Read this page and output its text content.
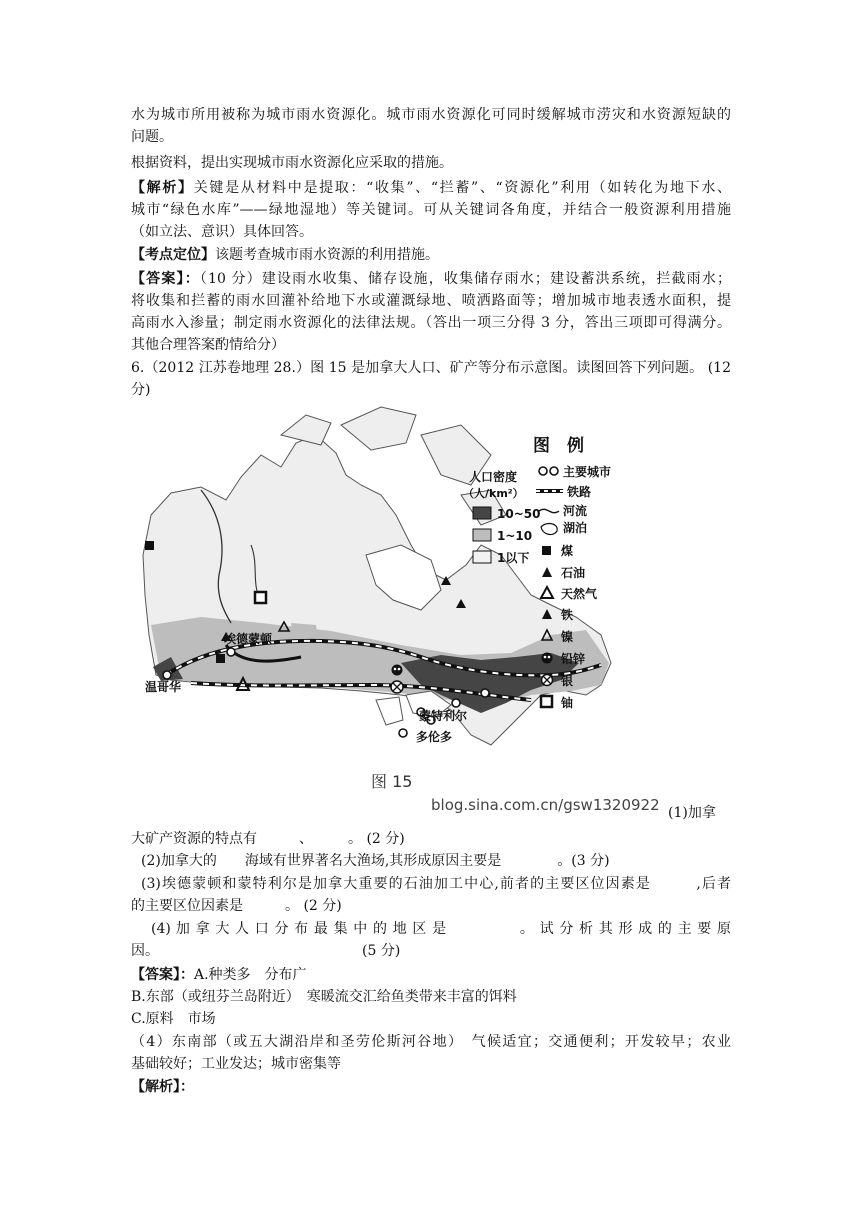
水为城市所用被称为城市雨水资源化。城市雨水资源化可同时缓解城市涝灾和水资源短缺的

问题。

根据资料，提出实现城市雨水资源化应采取的措施。

【解析】关键是从材料中是提取：“收集”、“拦蓄”、“资源化”利用（如转化为地下水、

城市“绿色水库”——绿地湿地）等关键词。可从关键词各角度，并结合一般资源利用措施

（如立法、意识）具体回答。

【考点定位】该题考查城市雨水资源的利用措施。

【答案】：（10 分）建设雨水收集、储存设施，收集储存雨水；建设蓄洪系统，拦截雨水；

将收集和拦蓄的雨水回灌补给地下水或灌溉绿地、喷洒路面等；增加城市地表透水面积，提

高雨水入渗量；制定雨水资源化的法律法规。（答出一项三分得 3 分，答出三项即可得满分。

其他合理答案酌情给分）

6.（2012 江苏卷地理 28.）图 15 是加拿大人口、矿产等分布示意图。读图回答下列问题。 (12

分)

埃德蒙顿
温哥华
蒙特利尔
多伦多
图　例
人口密度
（人/km²）
10~50
1~10
1以下
主要城市
铁路
河流
湖泊
煤
石油
天然气
铁
镍
铅锌
银
铀
图 15
blog.sina.com.cn/gsw1320922 (1)加拿

大矿产资源的特点有　　　、　　　。 (2 分)

(2)加拿大的　　海域有世界著名大渔场,其形成原因主要是　　　　。(3 分)

(3)埃德蒙顿和蒙特利尔是加拿大重要的石油加工中心,前者的主要区位因素是　　　,后者

的主要区位因素是　　　。 (2 分)

(4) 加 拿 大 人 口 分 布 最 集 中 的 地 区 是　　　　　。 试 分 析 其 形 成 的 主 要 原

因。　　　　　　　　　　　　　　　(5 分)

【答案】：A.种类多　分布广

B.东部（或纽芬兰岛附近）　寒暖流交汇给鱼类带来丰富的饵料

C.原料　市场

（4）东南部（或五大湖沿岸和圣劳伦斯河谷地）　气候适宜；交通便利；开发较早；农业

基础较好；工业发达；城市密集等

【解析】：
